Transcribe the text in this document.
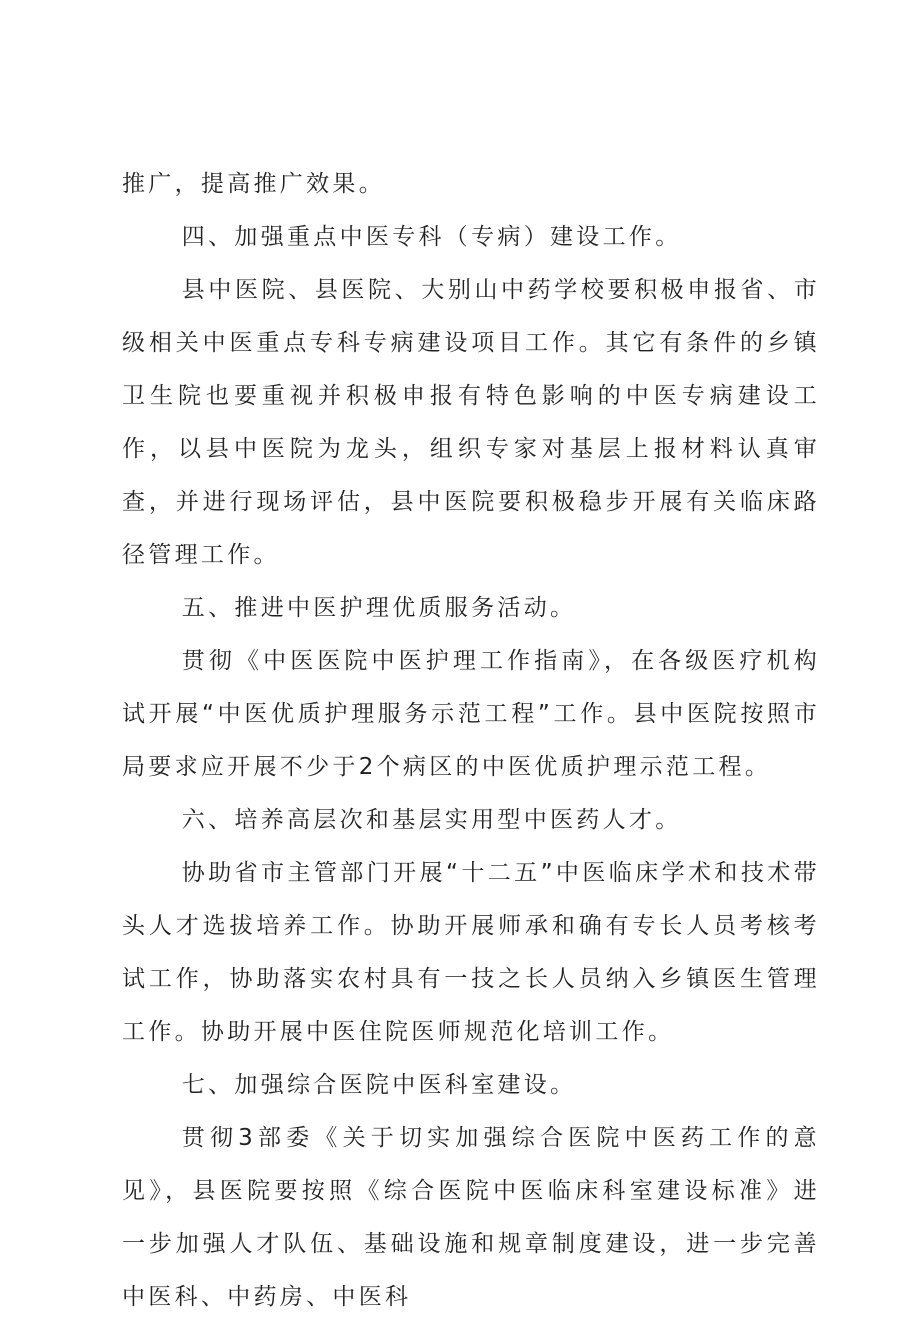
推广，提高推广效果。

四、加强重点中医专科（专病）建设工作。

县中医院、县医院、大别山中药学校要积极申报省、市级相关中医重点专科专病建设项目工作。其它有条件的乡镇卫生院也要重视并积极申报有特色影响的中医专病建设工作，以县中医院为龙头，组织专家对基层上报材料认真审查，并进行现场评估，县中医院要积极稳步开展有关临床路径管理工作。

五、推进中医护理优质服务活动。

贯彻《中医医院中医护理工作指南》，在各级医疗机构试开展“中医优质护理服务示范工程”工作。县中医院按照市局要求应开展不少于2个病区的中医优质护理示范工程。

六、培养高层次和基层实用型中医药人才。

协助省市主管部门开展“十二五”中医临床学术和技术带头人才选拔培养工作。协助开展师承和确有专长人员考核考试工作，协助落实农村具有一技之长人员纳入乡镇医生管理工作。协助开展中医住院医师规范化培训工作。

七、加强综合医院中医科室建设。

贯彻3部委《关于切实加强综合医院中医药工作的意见》，县医院要按照《综合医院中医临床科室建设标准》进一步加强人才队伍、基础设施和规章制度建设，进一步完善中医科、中药房、中医科
